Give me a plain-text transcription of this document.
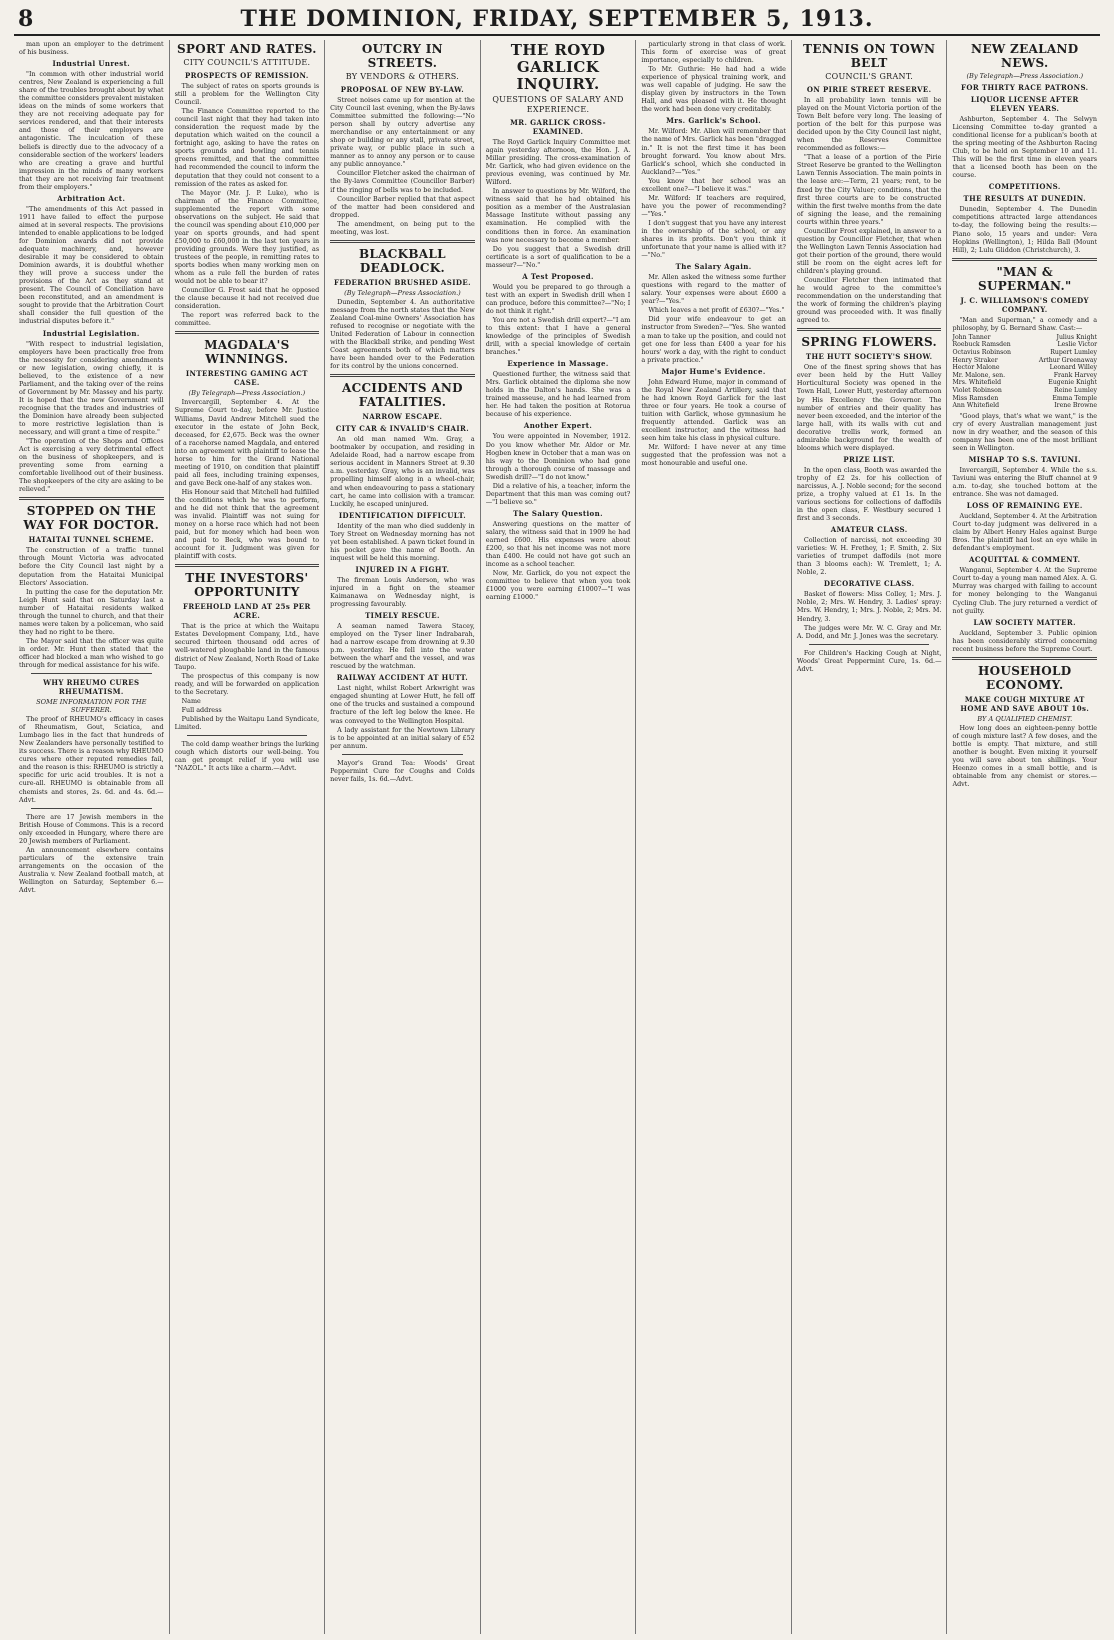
8	THE DOMINION, FRIDAY, SEPTEMBER 5, 1913.

man upon an employer to the detriment of his business.

Industrial Unrest.

"In common with other industrial world centres, New Zealand is experiencing a full share of the troubles brought about by what the committee considers prevalent mistaken ideas on the minds of some workers that they are not receiving adequate pay for services rendered, and that their interests and those of their employers are antagonistic. The inculcation of these beliefs is directly due to the advocacy of a considerable section of the workers' leaders who are creating a grave and hurtful impression in the minds of many workers that they are not receiving fair treatment from their employers."

Arbitration Act.

"The amendments of this Act passed in 1911 have failed to effect the purpose aimed at in several respects. The provisions intended to enable applications to be lodged for Dominion awards did not provide adequate machinery, and, however desirable it may be considered to obtain Dominion awards, it is doubtful whether they will prove a success under the provisions of the Act as they stand at present. The Council of Conciliation have been reconstituted, and an amendment is sought to provide that the Arbitration Court shall consider the full question of the industrial disputes before it."

Industrial Legislation.

"With respect to industrial legislation, employers have been practically free from the necessity for considering amendments or new legislation, owing chiefly, it is believed, to the existence of a new Parliament, and the taking over of the reins of Government by Mr. Massey and his party. It is hoped that the new Government will recognise that the trades and industries of the Dominion have already been subjected to more restrictive legislation than is necessary, and will grant a time of respite."

"The operation of the Shops and Offices Act is exercising a very detrimental effect on the business of shopkeepers, and is preventing some from earning a comfortable livelihood out of their business. The shopkeepers of the city are asking to be relieved."

STOPPED ON THE WAY FOR DOCTOR.
HATAITAI TUNNEL SCHEME.

The construction of a traffic tunnel through Mount Victoria was advocated before the City Council last night by a deputation from the Hataitai Municipal Electors' Association.

In putting the case for the deputation Mr. Leigh Hunt said that on Saturday last a number of Hataitai residents walked through the tunnel to church, and that their names were taken by a policeman, who said they had no right to be there.

The Mayor said that the officer was quite in order. Mr. Hunt then stated that the officer had blocked a man who wished to go through for medical assistance for his wife.

WHY RHEUMO CURES RHEUMATISM.
SOME INFORMATION FOR THE SUFFERER.

The proof of RHEUMO's efficacy in cases of Rheumatism, Gout, Sciatica, and Lumbago lies in the fact that hundreds of New Zealanders have personally testified to its success. There is a reason why RHEUMO cures where other reputed remedies fail, and the reason is this: RHEUMO is strictly a specific for uric acid troubles. It is not a cure-all. RHEUMO is obtainable from all chemists and stores, 2s. 6d. and 4s. 6d.—Advt.

There are 17 Jewish members in the British House of Commons. This is a record only exceeded in Hungary, where there are 20 Jewish members of Parliament.

An announcement elsewhere contains particulars of the extensive train arrangements on the occasion of the Australia v. New Zealand football match, at Wellington on Saturday, September 6.—Advt.

SPORT AND RATES.
CITY COUNCIL'S ATTITUDE.
PROSPECTS OF REMISSION.

The subject of rates on sports grounds is still a problem for the Wellington City Council.

The Finance Committee reported to the council last night that they had taken into consideration the request made by the deputation which waited on the council a fortnight ago, asking to have the rates on sports grounds and bowling and tennis greens remitted, and that the committee had recommended the council to inform the deputation that they could not consent to a remission of the rates as asked for.

The Mayor (Mr. J. P. Luke), who is chairman of the Finance Committee, supplemented the report with some observations on the subject. He said that the council was spending about £10,000 per year on sports grounds, and had spent £50,000 to £60,000 in the last ten years in providing grounds. Were they justified, as trustees of the people, in remitting rates to sports bodies when many working men on whom as a rule fell the burden of rates would not be able to bear it?

Councillor G. Frost said that he opposed the clause because it had not received due consideration.

The report was referred back to the committee.

MAGDALA'S WINNINGS.
INTERESTING GAMING ACT CASE.
(By Telegraph—Press Association.)

Invercargill, September 4. At the Supreme Court to-day, before Mr. Justice Williams, David Andrew Mitchell sued the executor in the estate of John Beck, deceased, for £2,675. Beck was the owner of a racehorse named Magdala, and entered into an agreement with plaintiff to lease the horse to him for the Grand National meeting of 1910, on condition that plaintiff paid all fees, including training expenses, and gave Beck one-half of any stakes won.

His Honour said that Mitchell had fulfilled the conditions which he was to perform, and he did not think that the agreement was invalid. Plaintiff was not suing for money on a horse race which had not been paid, but for money which had been won and paid to Beck, who was bound to account for it. Judgment was given for plaintiff with costs.

THE INVESTORS' OPPORTUNITY
FREEHOLD LAND AT 25s PER ACRE.

That is the price at which the Waitapu Estates Development Company, Ltd., have secured thirteen thousand odd acres of well-watered ploughable land in the famous district of New Zealand, North Road of Lake Taupo.

The prospectus of this company is now ready, and will be forwarded on application to the Secretary.

Name

Full address

Published by the Waitapu Land Syndicate, Limited.

The cold damp weather brings the lurking cough which distorts our well-being. You can get prompt relief if you will use "NAZOL." It acts like a charm.—Advt.

OUTCRY IN STREETS.
BY VENDORS & OTHERS.
PROPOSAL OF NEW BY-LAW.

Street noises came up for mention at the City Council last evening, when the By-laws Committee submitted the following:—"No person shall by outcry advertise any merchandise or any entertainment or any shop or building or any stall, private street, private way, or public place in such a manner as to annoy any person or to cause any public annoyance."

Councillor Fletcher asked the chairman of the By-laws Committee (Councillor Barber) if the ringing of bells was to be included.

Councillor Barber replied that that aspect of the matter had been considered and dropped.

The amendment, on being put to the meeting, was lost.

BLACKBALL DEADLOCK.
FEDERATION BRUSHED ASIDE.
(By Telegraph—Press Association.)

Dunedin, September 4. An authoritative message from the north states that the New Zealand Coal-mine Owners' Association has refused to recognise or negotiate with the United Federation of Labour in connection with the Blackball strike, and pending West Coast agreements both of which matters have been handed over to the Federation for its control by the unions concerned.

ACCIDENTS AND FATALITIES.
NARROW ESCAPE.
CITY CAR & INVALID'S CHAIR.

An old man named Wm. Gray, a bootmaker by occupation, and residing in Adelaide Road, had a narrow escape from serious accident in Manners Street at 9.30 a.m. yesterday. Gray, who is an invalid, was propelling himself along in a wheel-chair, and when endeavouring to pass a stationary cart, he came into collision with a tramcar. Luckily, he escaped uninjured.

IDENTIFICATION DIFFICULT.

Identity of the man who died suddenly in Tory Street on Wednesday morning has not yet been established. A pawn ticket found in his pocket gave the name of Booth. An inquest will be held this morning.

INJURED IN A FIGHT.

The fireman Louis Anderson, who was injured in a fight on the steamer Kaimanawa on Wednesday night, is progressing favourably.

TIMELY RESCUE.

A seaman named Tawera Stacey, employed on the Tyser liner Indrabarah, had a narrow escape from drowning at 9.30 p.m. yesterday. He fell into the water between the wharf and the vessel, and was rescued by the watchman.

RAILWAY ACCIDENT AT HUTT.

Last night, whilst Robert Arkwright was engaged shunting at Lower Hutt, he fell off one of the trucks and sustained a compound fracture of the left leg below the knee. He was conveyed to the Wellington Hospital.

A lady assistant for the Newtown Library is to be appointed at an initial salary of £52 per annum.

Mayor's Grand Tea: Woods' Great Peppermint Cure for Coughs and Colds never fails, 1s. 6d.—Advt.

THE ROYD GARLICK INQUIRY.
QUESTIONS OF SALARY AND EXPERIENCE.
MR. GARLICK CROSS-EXAMINED.

The Royd Garlick Inquiry Committee met again yesterday afternoon, the Hon. J. A. Millar presiding. The cross-examination of Mr. Garlick, who had given evidence on the previous evening, was continued by Mr. Wilford.

In answer to questions by Mr. Wilford, the witness said that he had obtained his position as a member of the Australasian Massage Institute without passing any examination. He complied with the conditions then in force. An examination was now necessary to become a member.

Do you suggest that a Swedish drill certificate is a sort of qualification to be a masseur?—"No."

A Test Proposed.

Would you be prepared to go through a test with an expert in Swedish drill when I can produce, before this committee?—"No; I do not think it right."

You are not a Swedish drill expert?—"I am to this extent: that I have a general knowledge of the principles of Swedish drill, with a special knowledge of certain branches."

Experience in Massage.

Questioned further, the witness said that Mrs. Garlick obtained the diploma she now holds in the Dalton's hands. She was a trained masseuse, and he had learned from her. He had taken the position at Rotorua because of his experience.

Another Expert.

You were appointed in November, 1912. Do you know whether Mr. Aldor or Mr. Hogben knew in October that a man was on his way to the Dominion who had gone through a thorough course of massage and Swedish drill?—"I do not know."

Did a relative of his, a teacher, inform the Department that this man was coming out?—"I believe so."

The Salary Question.

Answering questions on the matter of salary, the witness said that in 1909 he had earned £600. His expenses were about £200, so that his net income was not more than £400. He could not have got such an income as a school teacher.

Now, Mr. Garlick, do you not expect the committee to believe that when you took £1000 you were earning £1000?—"I was earning £1000."

particularly strong in that class of work. This form of exercise was of great importance, especially to children.

To Mr. Guthrie: He had had a wide experience of physical training work, and was well capable of judging. He saw the display given by instructors in the Town Hall, and was pleased with it. He thought the work had been done very creditably.

Mrs. Garlick's School.

Mr. Wilford: Mr. Allen will remember that the name of Mrs. Garlick has been "dragged in." It is not the first time it has been brought forward. You know about Mrs. Garlick's school, which she conducted in Auckland?—"Yes."

You know that her school was an excellent one?—"I believe it was."

Mr. Wilford: If teachers are required, have you the power of recommending?—"Yes."

I don't suggest that you have any interest in the ownership of the school, or any shares in its profits. Don't you think it unfortunate that your name is allied with it?—"No."

The Salary Again.

Mr. Allen asked the witness some further questions with regard to the matter of salary. Your expenses were about £600 a year?—"Yes."

Which leaves a net profit of £630?—"Yes."

Did your wife endeavour to get an instructor from Sweden?—"Yes. She wanted a man to take up the position, and could not get one for less than £400 a year for his hours' work a day, with the right to conduct a private practice."

Major Hume's Evidence.

John Edward Hume, major in command of the Royal New Zealand Artillery, said that he had known Royd Garlick for the last three or four years. He took a course of tuition with Garlick, whose gymnasium he frequently attended. Garlick was an excellent instructor, and the witness had seen him take his class in physical culture.

Mr. Wilford: I have never at any time suggested that the profession was not a most honourable and useful one.

TENNIS ON TOWN BELT
COUNCIL'S GRANT.
ON PIRIE STREET RESERVE.

In all probability lawn tennis will be played on the Mount Victoria portion of the Town Belt before very long. The leasing of portion of the belt for this purpose was decided upon by the City Council last night, when the Reserves Committee recommended as follows:—

"That a lease of a portion of the Pirie Street Reserve be granted to the Wellington Lawn Tennis Association. The main points in the lease are:—Term, 21 years; rent, to be fixed by the City Valuer; conditions, that the first three courts are to be constructed within the first twelve months from the date of signing the lease, and the remaining courts within three years."

Councillor Frost explained, in answer to a question by Councillor Fletcher, that when the Wellington Lawn Tennis Association had got their portion of the ground, there would still be room on the eight acres left for children's playing ground.

Councillor Fletcher then intimated that he would agree to the committee's recommendation on the understanding that the work of forming the children's playing ground was proceeded with. It was finally agreed to.

SPRING FLOWERS.
THE HUTT SOCIETY'S SHOW.

One of the finest spring shows that has ever been held by the Hutt Valley Horticultural Society was opened in the Town Hall, Lower Hutt, yesterday afternoon by His Excellency the Governor. The number of entries and their quality has never been exceeded, and the interior of the large hall, with its walls with cut and decorative trellis work, formed an admirable background for the wealth of blooms which were displayed.

PRIZE LIST.

In the open class, Booth was awarded the trophy of £2 2s. for his collection of narcissus, A. J. Noble second; for the second prize, a trophy valued at £1 1s. In the various sections for collections of daffodils in the open class, F. Westbury secured 1 first and 3 seconds.

AMATEUR CLASS.

Collection of narcissi, not exceeding 30 varieties: W. H. Frethey, 1; F. Smith, 2. Six varieties of trumpet daffodils (not more than 3 blooms each): W. Tremlett, 1; A. Noble, 2.

DECORATIVE CLASS.

Basket of flowers: Miss Colley, 1; Mrs. J. Noble, 2; Mrs. W. Hendry, 3. Ladies' spray: Mrs. W. Hendry, 1; Mrs. J. Noble, 2; Mrs. M. Hendry, 3.

The judges were Mr. W. C. Gray and Mr. A. Dodd, and Mr. J. Jones was the secretary.

For Children's Hacking Cough at Night, Woods' Great Peppermint Cure, 1s. 6d.—Advt.

NEW ZEALAND NEWS.
(By Telegraph—Press Association.)
FOR THIRTY RACE PATRONS.
LIQUOR LICENSE AFTER ELEVEN YEARS.

Ashburton, September 4. The Selwyn Licensing Committee to-day granted a conditional license for a publican's booth at the spring meeting of the Ashburton Racing Club, to be held on September 10 and 11. This will be the first time in eleven years that a licensed booth has been on the course.

COMPETITIONS.
THE RESULTS AT DUNEDIN.

Dunedin, September 4. The Dunedin competitions attracted large attendances to-day, the following being the results:—Piano solo, 15 years and under: Vera Hopkins (Wellington), 1; Hilda Ball (Mount Hill), 2; Lulu Gliddon (Christchurch), 3.

"MAN & SUPERMAN."
J. C. WILLIAMSON'S COMEDY COMPANY.

"Man and Superman," a comedy and a philosophy, by G. Bernard Shaw. Cast:—

John Tanner	Julius Knight
Roebuck Ramsden	Leslie Victor
Octavius Robinson	Rupert Lumley
Henry Straker	Arthur Greenaway
Hector Malone	Leonard Willey
Mr. Malone, sen.	Frank Harvey
Mrs. Whitefield	Eugenie Knight
Violet Robinson	Reine Lumley
Miss Ramsden	Emma Temple
Ann Whitefield	Irene Browne

"Good plays, that's what we want," is the cry of every Australian management just now in dry weather, and the season of this company has been one of the most brilliant seen in Wellington.

MISHAP TO S.S. TAVIUNI.

Invercargill, September 4. While the s.s. Taviuni was entering the Bluff channel at 9 a.m. to-day, she touched bottom at the entrance. She was not damaged.

LOSS OF REMAINING EYE.

Auckland, September 4. At the Arbitration Court to-day judgment was delivered in a claim by Albert Henry Hales against Burge Bros. The plaintiff had lost an eye while in defendant's employment.

ACQUITTAL & COMMENT.

Wanganui, September 4. At the Supreme Court to-day a young man named Alex. A. G. Murray was charged with failing to account for money belonging to the Wanganui Cycling Club. The jury returned a verdict of not guilty.

LAW SOCIETY MATTER.

Auckland, September 3. Public opinion has been considerably stirred concerning recent business before the Supreme Court.

HOUSEHOLD ECONOMY.
MAKE COUGH MIXTURE AT HOME AND SAVE ABOUT 10s.
BY A QUALIFIED CHEMIST.

How long does an eighteen-penny bottle of cough mixture last? A few doses, and the bottle is empty. That mixture, and still another is bought. Even mixing it yourself you will save about ten shillings. Your Heenzo comes in a small bottle, and is obtainable from any chemist or stores.—Advt.
